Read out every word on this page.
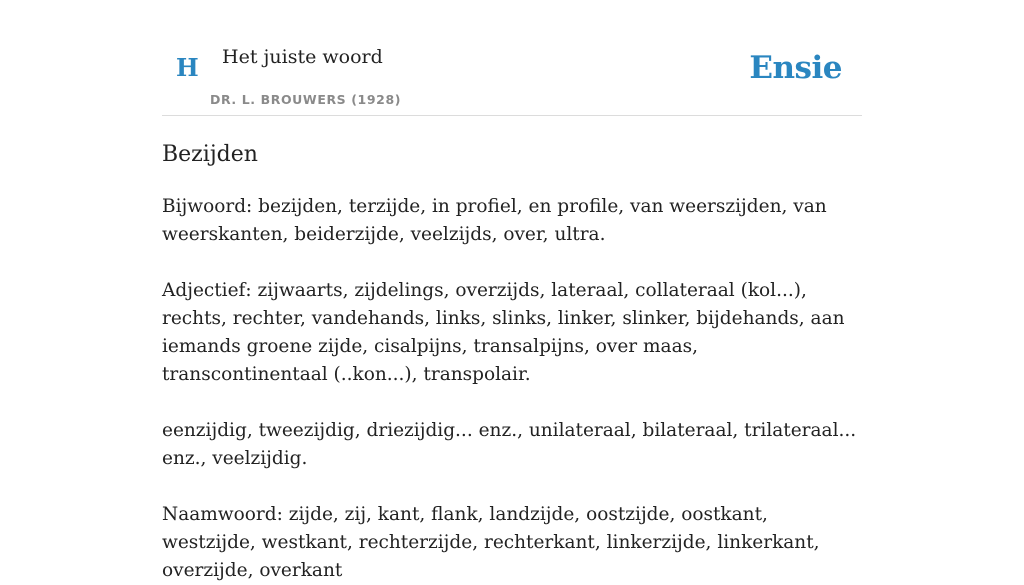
H Het juiste woord
DR. L. BROUWERS (1928)
Ensie
Bezijden

Bijwoord: bezijden, terzijde, in profiel, en profile, van weerszijden, van weerskanten, beiderzijde, veelzijds, over, ultra.

Adjectief: zijwaarts, zijdelings, overzijds, lateraal, collateraal (kol...), rechts, rechter, vandehands, links, slinks, linker, slinker, bijdehands, aan iemands groene zijde, cisalpijns, transalpijns, over maas, transcontinentaal (..kon...), transpolair.

eenzijdig, tweezijdig, driezijdig... enz., unilateraal, bilateraal, trilateraal... enz., veelzijdig.

Naamwoord: zijde, zij, kant, flank, landzijde, oostzijde, oostkant, westzijde, westkant, rechterzijde, rechterkant, linkerzijde, linkerkant, overzijde, overkant
